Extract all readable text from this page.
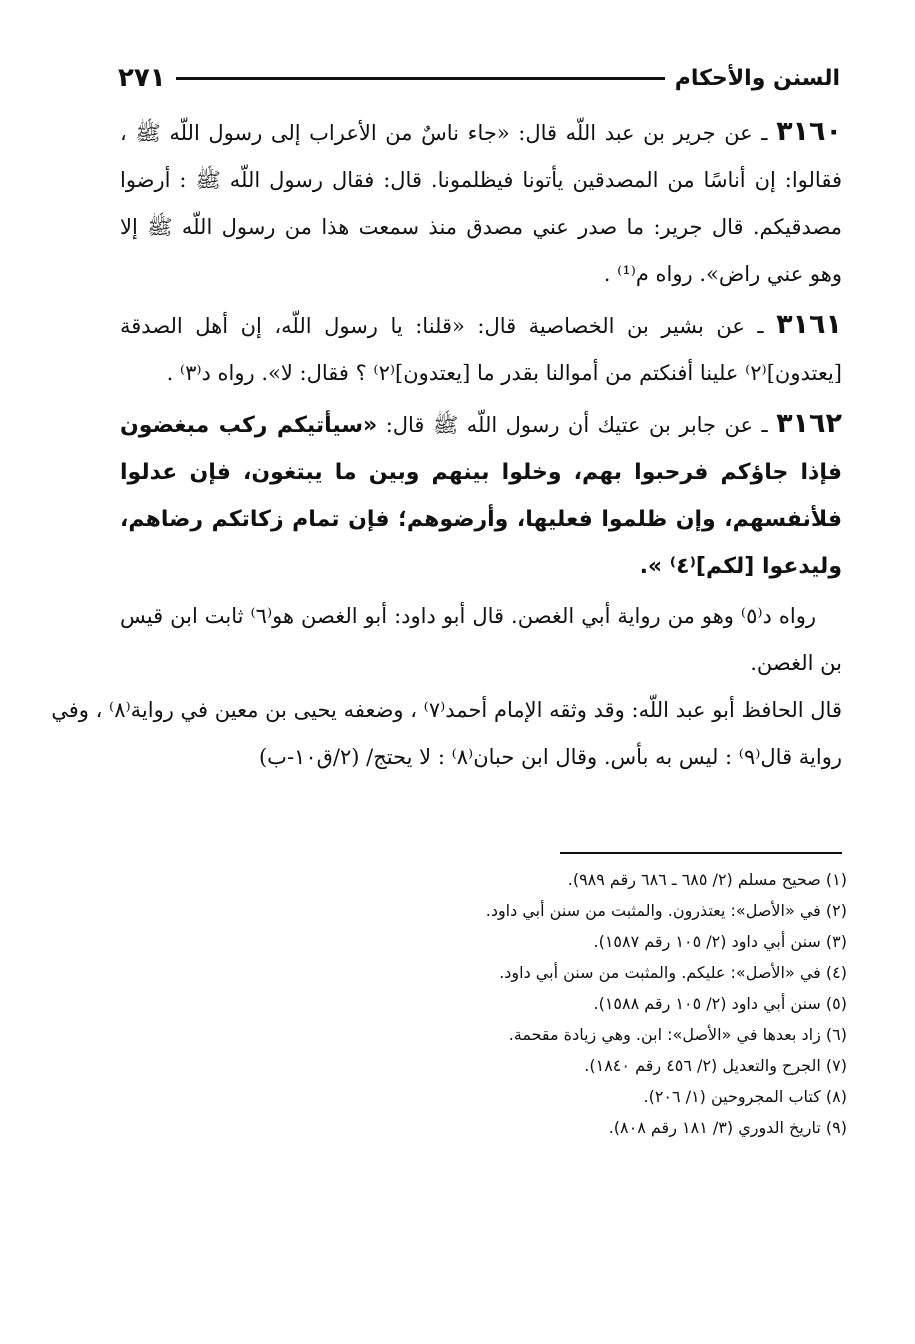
السنن والأحكام
٢٧١

٣١٦٠ ـ عن جرير بن عبد اللّه قال: «جاء ناسٌ من الأعراب إلى رسول اللّه ﷺ ، فقالوا: إن أناسًا من المصدقين يأتونا فيظلمونا. قال: فقال رسول اللّه ﷺ : أرضوا مصدقيكم. قال جرير: ما صدر عني مصدق منذ سمعت هذا من رسول اللّه ﷺ إلا وهو عني راض». رواه م⁽¹⁾ .

٣١٦١ ـ عن بشير بن الخصاصية قال: «قلنا: يا رسول اللّه، إن أهل الصدقة [يعتدون]⁽٢⁾ علينا أفنكتم من أموالنا بقدر ما [يعتدون]⁽٢⁾ ؟ فقال: لا». رواه د⁽٣⁾ .

٣١٦٢ ـ عن جابر بن عتيك أن رسول اللّه ﷺ قال: «سيأتيكم ركب مبغضون فإذا جاؤكم فرحبوا بهم، وخلوا بينهم وبين ما يبتغون، فإن عدلوا فلأنفسهم، وإن ظلموا فعليها، وأرضوهم؛ فإن تمام زكاتكم رضاهم، وليدعوا [لكم]⁽٤⁾ ».

رواه د⁽٥⁾ وهو من رواية أبي الغصن. قال أبو داود: أبو الغصن هو⁽٦⁾ ثابت ابن قيس بن الغصن.

قال الحافظ أبو عبد اللّه: وقد وثقه الإمام أحمد⁽٧⁾ ، وضعفه يحيى بن معين في رواية⁽٨⁾ ، وفي رواية قال⁽٩⁾ : ليس به بأس. وقال ابن حبان⁽٨⁾ : لا يحتج/ (٢/ق١٠-ب)

(١) صحيح مسلم (٢/ ٦٨٥ ـ ٦٨٦ رقم ٩٨٩).
(٢) في «الأصل»: يعتذرون. والمثبت من سنن أبي داود.
(٣) سنن أبي داود (٢/ ١٠٥ رقم ١٥٨٧).
(٤) في «الأصل»: عليكم. والمثبت من سنن أبي داود.
(٥) سنن أبي داود (٢/ ١٠٥ رقم ١٥٨٨).
(٦) زاد بعدها في «الأصل»: ابن. وهي زيادة مقحمة.
(٧) الجرح والتعديل (٢/ ٤٥٦ رقم ١٨٤٠).
(٨) كتاب المجروحين (١/ ٢٠٦).
(٩) تاريخ الدوري (٣/ ١٨١ رقم ٨٠٨).
